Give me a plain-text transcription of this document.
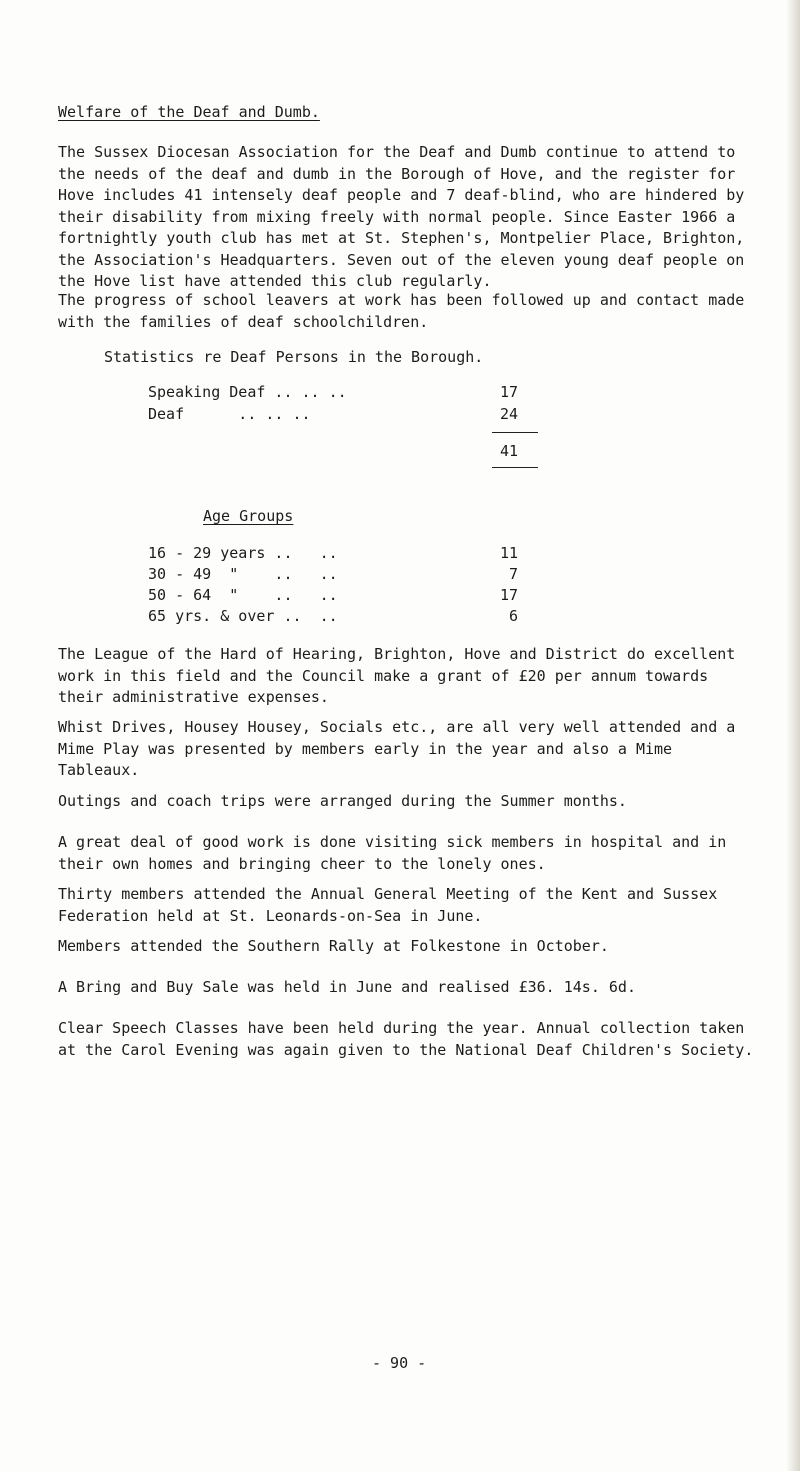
Welfare of the Deaf and Dumb.

The Sussex Diocesan Association for the Deaf and Dumb continue to attend to the needs of the deaf and dumb in the Borough of Hove, and the register for Hove includes 41 intensely deaf people and 7 deaf-blind, who are hindered by their disability from mixing freely with normal people. Since Easter 1966 a fortnightly youth club has met at St. Stephen's, Montpelier Place, Brighton, the Association's Headquarters. Seven out of the eleven young deaf people on the Hove list have attended this club regularly.

The progress of school leavers at work has been followed up and contact made with the families of deaf schoolchildren.

Statistics re Deaf Persons in the Borough.
Speaking Deaf .. .. ..	17
Deaf      .. .. ..	24
41
Age Groups
16 - 29 years ..   ..	11
30 - 49  "    ..   ..	7
50 - 64  "    ..   ..	17
65 yrs. & over ..  ..	6

The League of the Hard of Hearing, Brighton, Hove and District do excellent work in this field and the Council make a grant of £20 per annum towards their administrative expenses.

Whist Drives, Housey Housey, Socials etc., are all very well attended and a Mime Play was presented by members early in the year and also a Mime Tableaux.

Outings and coach trips were arranged during the Summer months.

A great deal of good work is done visiting sick members in hospital and in their own homes and bringing cheer to the lonely ones.

Thirty members attended the Annual General Meeting of the Kent and Sussex Federation held at St. Leonards-on-Sea in June.

Members attended the Southern Rally at Folkestone in October.

A Bring and Buy Sale was held in June and realised £36. 14s. 6d.

Clear Speech Classes have been held during the year. Annual collection taken at the Carol Evening was again given to the National Deaf Children's Society.

- 90 -
